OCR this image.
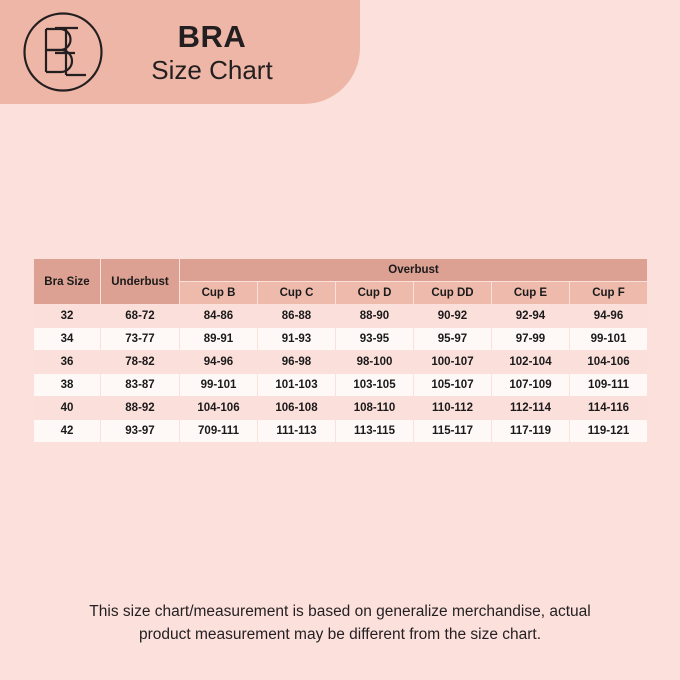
BRA
Size Chart
Bra Size	Underbust	Overbust					
		Cup B	Cup C	Cup D	Cup DD	Cup E	Cup F
32	68-72	84-86	86-88	88-90	90-92	92-94	94-96
34	73-77	89-91	91-93	93-95	95-97	97-99	99-101
36	78-82	94-96	96-98	98-100	100-107	102-104	104-106
38	83-87	99-101	101-103	103-105	105-107	107-109	109-111
40	88-92	104-106	106-108	108-110	110-112	112-114	114-116
42	93-97	709-111	111-113	113-115	115-117	117-119	119-121
This size chart/measurement is based on generalize merchandise, actual
product measurement may be different from the size chart.
